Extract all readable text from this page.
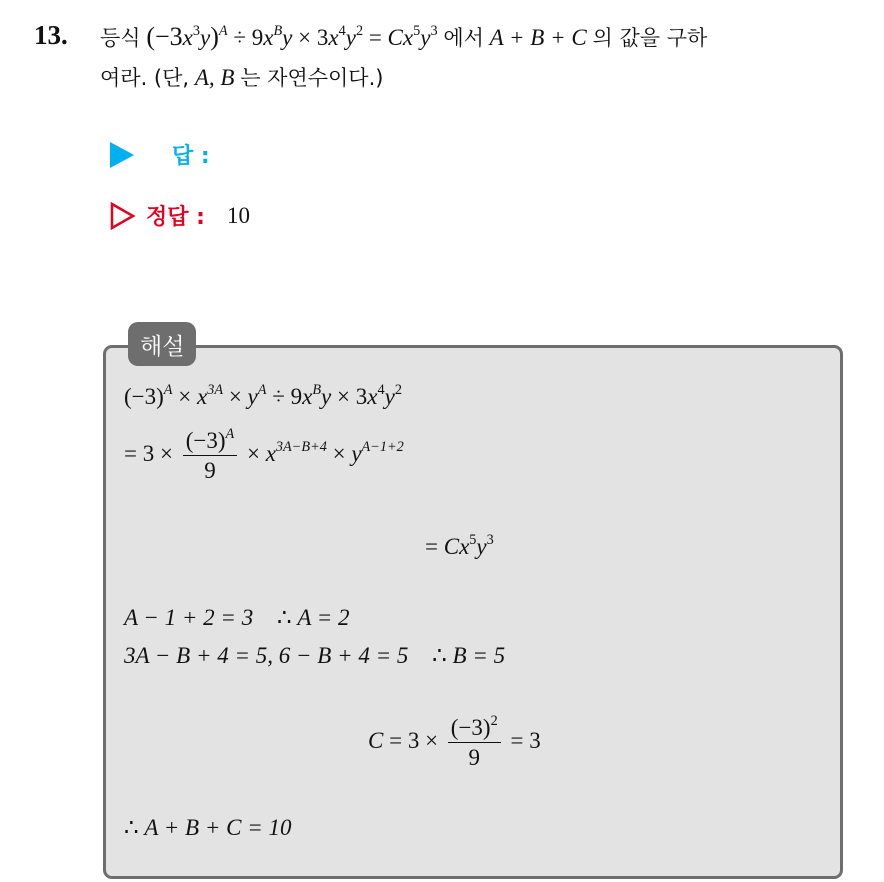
13. 등식 $(-3x^3y)^A \div 9x^By \times 3x^4y^2 = Cx^5y^3$ 에서 A + B + C 의 값을 구하
여라. (단, A, B 는 자연수이다.)
답 :
정답 : 10
해설
$(-3)^A \times x^{3A} \times y^A \div 9x^By \times 3x^4y^2$
= $3 \times \frac{(-3)^A}{9} \times x^{3A-B+4} \times y^{A-1+2}$
= $Cx^5y^3$
A − 1 + 2 = 3 ∴ A = 2
3A − B + 4 = 5, 6 − B + 4 = 5 ∴ B = 5
$C = 3 \times \frac{(-3)^2}{9} = 3$
∴ A + B + C = 10
